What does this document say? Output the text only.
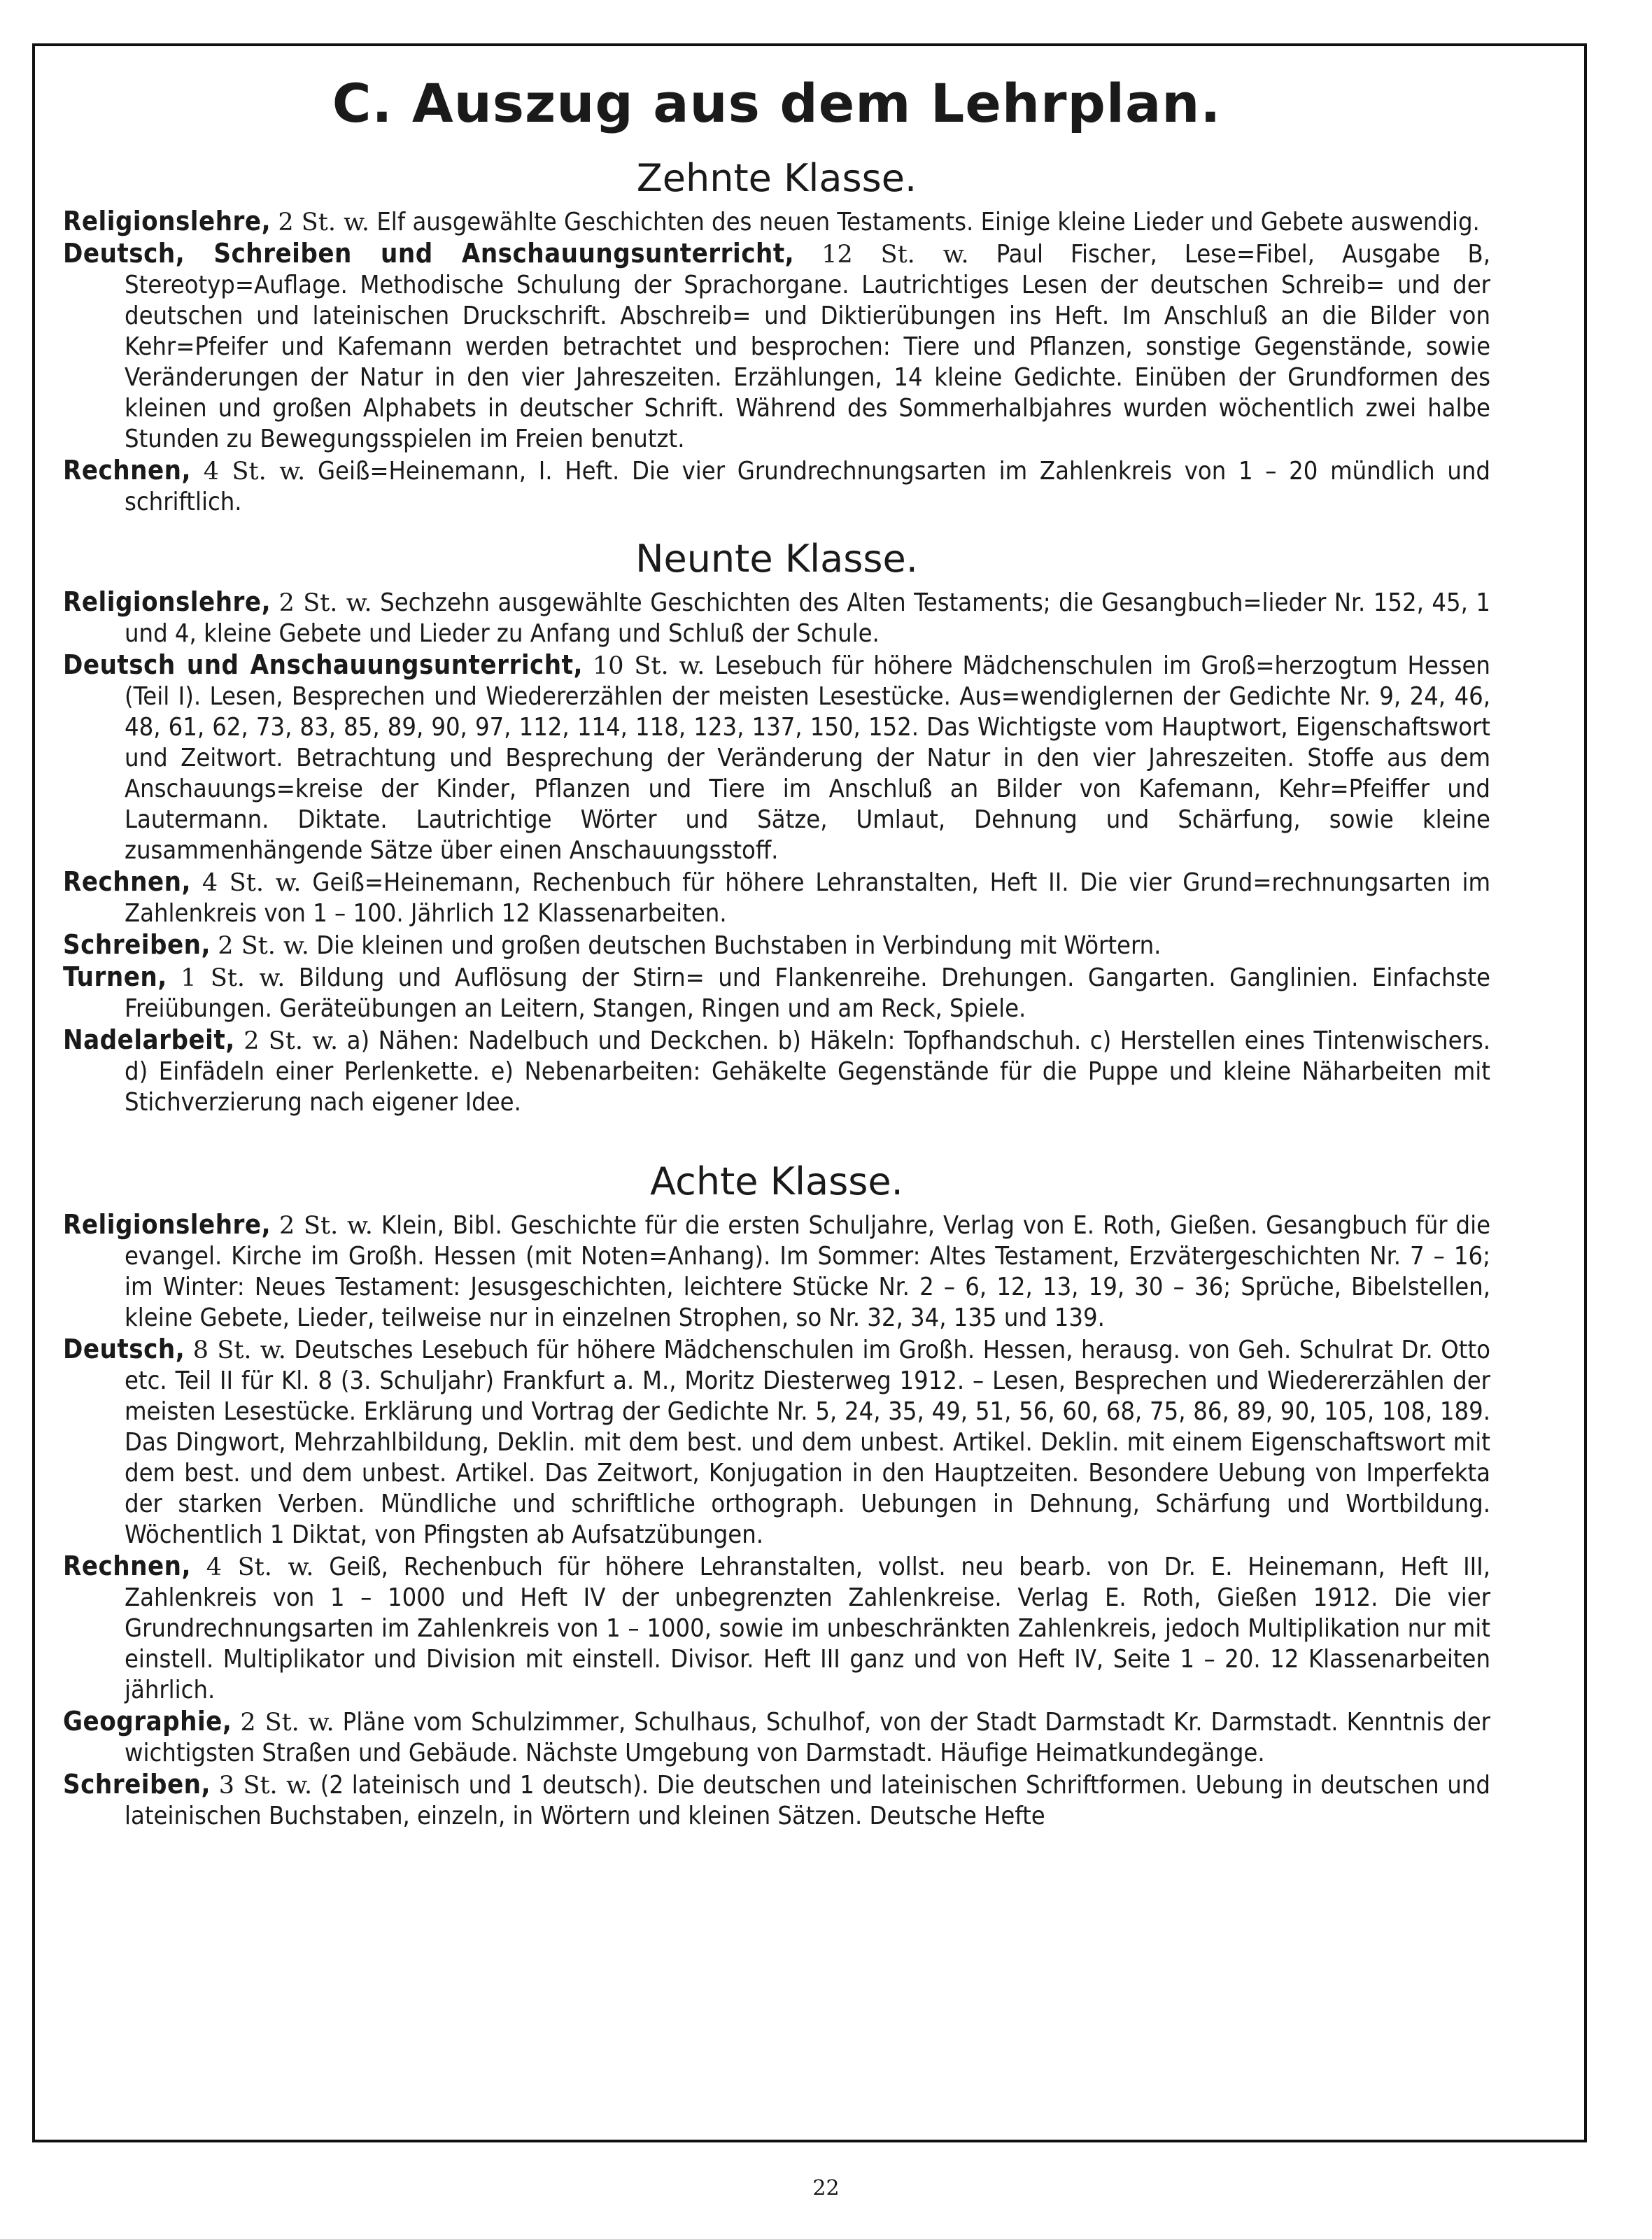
C. Auszug aus dem Lehrplan.
Zehnte Klasse.

Religionslehre, 2 St. w. Elf ausgewählte Geschichten des neuen Testaments. Einige kleine Lieder und Gebete auswendig.

Deutsch, Schreiben und Anschauungsunterricht, 12 St. w. Paul Fischer, Lese=Fibel, Ausgabe B, Stereotyp=Auflage. Methodische Schulung der Sprachorgane. Lautrichtiges Lesen der deutschen Schreib= und der deutschen und lateinischen Druckschrift. Abschreib= und Diktierübungen ins Heft. Im Anschluß an die Bilder von Kehr=Pfeifer und Kafemann werden betrachtet und besprochen: Tiere und Pflanzen, sonstige Gegenstände, sowie Veränderungen der Natur in den vier Jahreszeiten. Erzählungen, 14 kleine Gedichte. Einüben der Grundformen des kleinen und großen Alphabets in deutscher Schrift. Während des Sommerhalbjahres wurden wöchentlich zwei halbe Stunden zu Bewegungsspielen im Freien benutzt.

Rechnen, 4 St. w. Geiß=Heinemann, I. Heft. Die vier Grundrechnungsarten im Zahlenkreis von 1 – 20 mündlich und schriftlich.

Neunte Klasse.

Religionslehre, 2 St. w. Sechzehn ausgewählte Geschichten des Alten Testaments; die Gesangbuch=lieder Nr. 152, 45, 1 und 4, kleine Gebete und Lieder zu Anfang und Schluß der Schule.

Deutsch und Anschauungsunterricht, 10 St. w. Lesebuch für höhere Mädchenschulen im Groß=herzogtum Hessen (Teil I). Lesen, Besprechen und Wiedererzählen der meisten Lesestücke. Aus=wendiglernen der Gedichte Nr. 9, 24, 46, 48, 61, 62, 73, 83, 85, 89, 90, 97, 112, 114, 118, 123, 137, 150, 152. Das Wichtigste vom Hauptwort, Eigenschaftswort und Zeitwort. Betrachtung und Besprechung der Veränderung der Natur in den vier Jahreszeiten. Stoffe aus dem Anschauungs=kreise der Kinder, Pflanzen und Tiere im Anschluß an Bilder von Kafemann, Kehr=Pfeiffer und Lautermann. Diktate. Lautrichtige Wörter und Sätze, Umlaut, Dehnung und Schärfung, sowie kleine zusammenhängende Sätze über einen Anschauungsstoff.

Rechnen, 4 St. w. Geiß=Heinemann, Rechenbuch für höhere Lehranstalten, Heft II. Die vier Grund=rechnungsarten im Zahlenkreis von 1 – 100. Jährlich 12 Klassenarbeiten.

Schreiben, 2 St. w. Die kleinen und großen deutschen Buchstaben in Verbindung mit Wörtern.

Turnen, 1 St. w. Bildung und Auflösung der Stirn= und Flankenreihe. Drehungen. Gangarten. Ganglinien. Einfachste Freiübungen. Geräteübungen an Leitern, Stangen, Ringen und am Reck, Spiele.

Nadelarbeit, 2 St. w. a) Nähen: Nadelbuch und Deckchen. b) Häkeln: Topfhandschuh. c) Herstellen eines Tintenwischers. d) Einfädeln einer Perlenkette. e) Nebenarbeiten: Gehäkelte Gegenstände für die Puppe und kleine Näharbeiten mit Stichverzierung nach eigener Idee.

Achte Klasse.

Religionslehre, 2 St. w. Klein, Bibl. Geschichte für die ersten Schuljahre, Verlag von E. Roth, Gießen. Gesangbuch für die evangel. Kirche im Großh. Hessen (mit Noten=Anhang). Im Sommer: Altes Testament, Erzvätergeschichten Nr. 7 – 16; im Winter: Neues Testament: Jesusgeschichten, leichtere Stücke Nr. 2 – 6, 12, 13, 19, 30 – 36; Sprüche, Bibelstellen, kleine Gebete, Lieder, teilweise nur in einzelnen Strophen, so Nr. 32, 34, 135 und 139.

Deutsch, 8 St. w. Deutsches Lesebuch für höhere Mädchenschulen im Großh. Hessen, herausg. von Geh. Schulrat Dr. Otto etc. Teil II für Kl. 8 (3. Schuljahr) Frankfurt a. M., Moritz Diesterweg 1912. – Lesen, Besprechen und Wiedererzählen der meisten Lesestücke. Erklärung und Vortrag der Gedichte Nr. 5, 24, 35, 49, 51, 56, 60, 68, 75, 86, 89, 90, 105, 108, 189. Das Dingwort, Mehrzahlbildung, Deklin. mit dem best. und dem unbest. Artikel. Deklin. mit einem Eigenschaftswort mit dem best. und dem unbest. Artikel. Das Zeitwort, Konjugation in den Hauptzeiten. Besondere Uebung von Imperfekta der starken Verben. Mündliche und schriftliche orthograph. Uebungen in Dehnung, Schärfung und Wortbildung. Wöchentlich 1 Diktat, von Pfingsten ab Aufsatzübungen.

Rechnen, 4 St. w. Geiß, Rechenbuch für höhere Lehranstalten, vollst. neu bearb. von Dr. E. Heinemann, Heft III, Zahlenkreis von 1 – 1000 und Heft IV der unbegrenzten Zahlenkreise. Verlag E. Roth, Gießen 1912. Die vier Grundrechnungsarten im Zahlenkreis von 1 – 1000, sowie im unbeschränkten Zahlenkreis, jedoch Multiplikation nur mit einstell. Multiplikator und Division mit einstell. Divisor. Heft III ganz und von Heft IV, Seite 1 – 20. 12 Klassenarbeiten jährlich.

Geographie, 2 St. w. Pläne vom Schulzimmer, Schulhaus, Schulhof, von der Stadt Darmstadt Kr. Darmstadt. Kenntnis der wichtigsten Straßen und Gebäude. Nächste Umgebung von Darmstadt. Häufige Heimatkundegänge.

Schreiben, 3 St. w. (2 lateinisch und 1 deutsch). Die deutschen und lateinischen Schriftformen. Uebung in deutschen und lateinischen Buchstaben, einzeln, in Wörtern und kleinen Sätzen. Deutsche Hefte

22
